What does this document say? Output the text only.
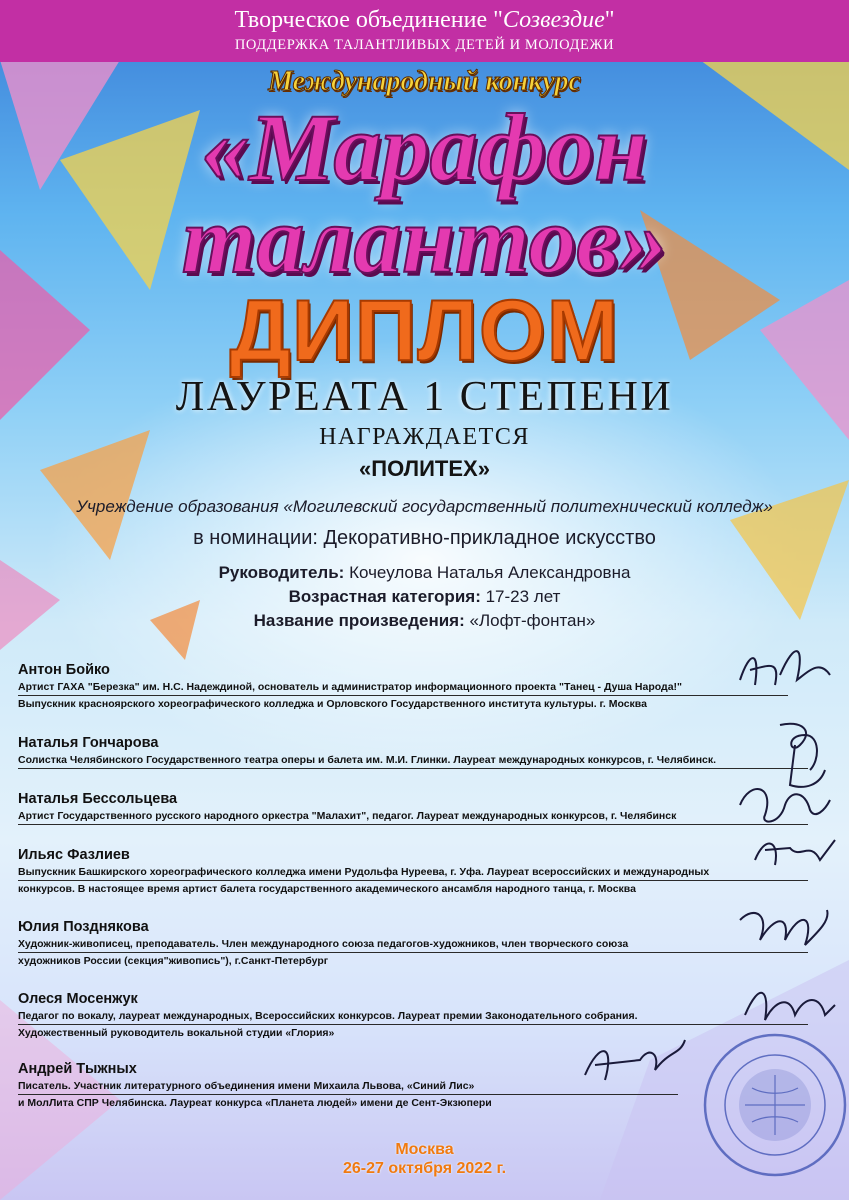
Творческое объединение "Созвездие"
ПОДДЕРЖКА ТАЛАНТЛИВЫХ ДЕТЕЙ И МОЛОДЕЖИ
Международный конкурс
«Марафон
талантов»
ДИПЛОМ
ЛАУРЕАТА 1 СТЕПЕНИ
НАГРАЖДАЕТСЯ
«ПОЛИТЕХ»
Учреждение образования «Могилевский государственный политехнический колледж»
в номинации: Декоративно-прикладное искусство
Руководитель: Кочеулова Наталья Александровна
Возрастная категория: 17-23 лет
Название произведения: «Лофт-фонтан»
Антон Бойко
Артист ГАХА "Березка" им. Н.С. Надеждиной, основатель и администратор информационного проекта "Танец - Душа Народа!"
Выпускник красноярского хореографического колледжа и Орловского Государственного института культуры. г. Москва
Наталья Гончарова
Солистка Челябинского Государственного театра оперы и балета им. М.И. Глинки. Лауреат международных конкурсов, г. Челябинск.
Наталья Бессольцева
Артист Государственного русского народного оркестра "Малахит", педагог. Лауреат международных конкурсов, г. Челябинск
Ильяс Фазлиев
Выпускник Башкирского хореографического колледжа имени Рудольфа Нуреева, г. Уфа. Лауреат всероссийских и международных
конкурсов. В настоящее время артист балета государственного академического ансамбля народного танца, г. Москва
Юлия Позднякова
Художник-живописец, преподаватель. Член международного союза педагогов-художников, член творческого союза
художников России (секция"живопись"), г.Санкт-Петербург
Олеся Мосенжук
Педагог по вокалу, лауреат международных, Всероссийских конкурсов. Лауреат премии Законодательного собрания.
Художественный руководитель вокальной студии «Глория»
Андрей Тыжных
Писатель. Участник литературного объединения имени Михаила Львова, «Синий Лис»
и МолЛита СПР Челябинска. Лауреат конкурса «Планета людей» имени де Сент-Экзюпери
Москва
26-27 октября 2022 г.
